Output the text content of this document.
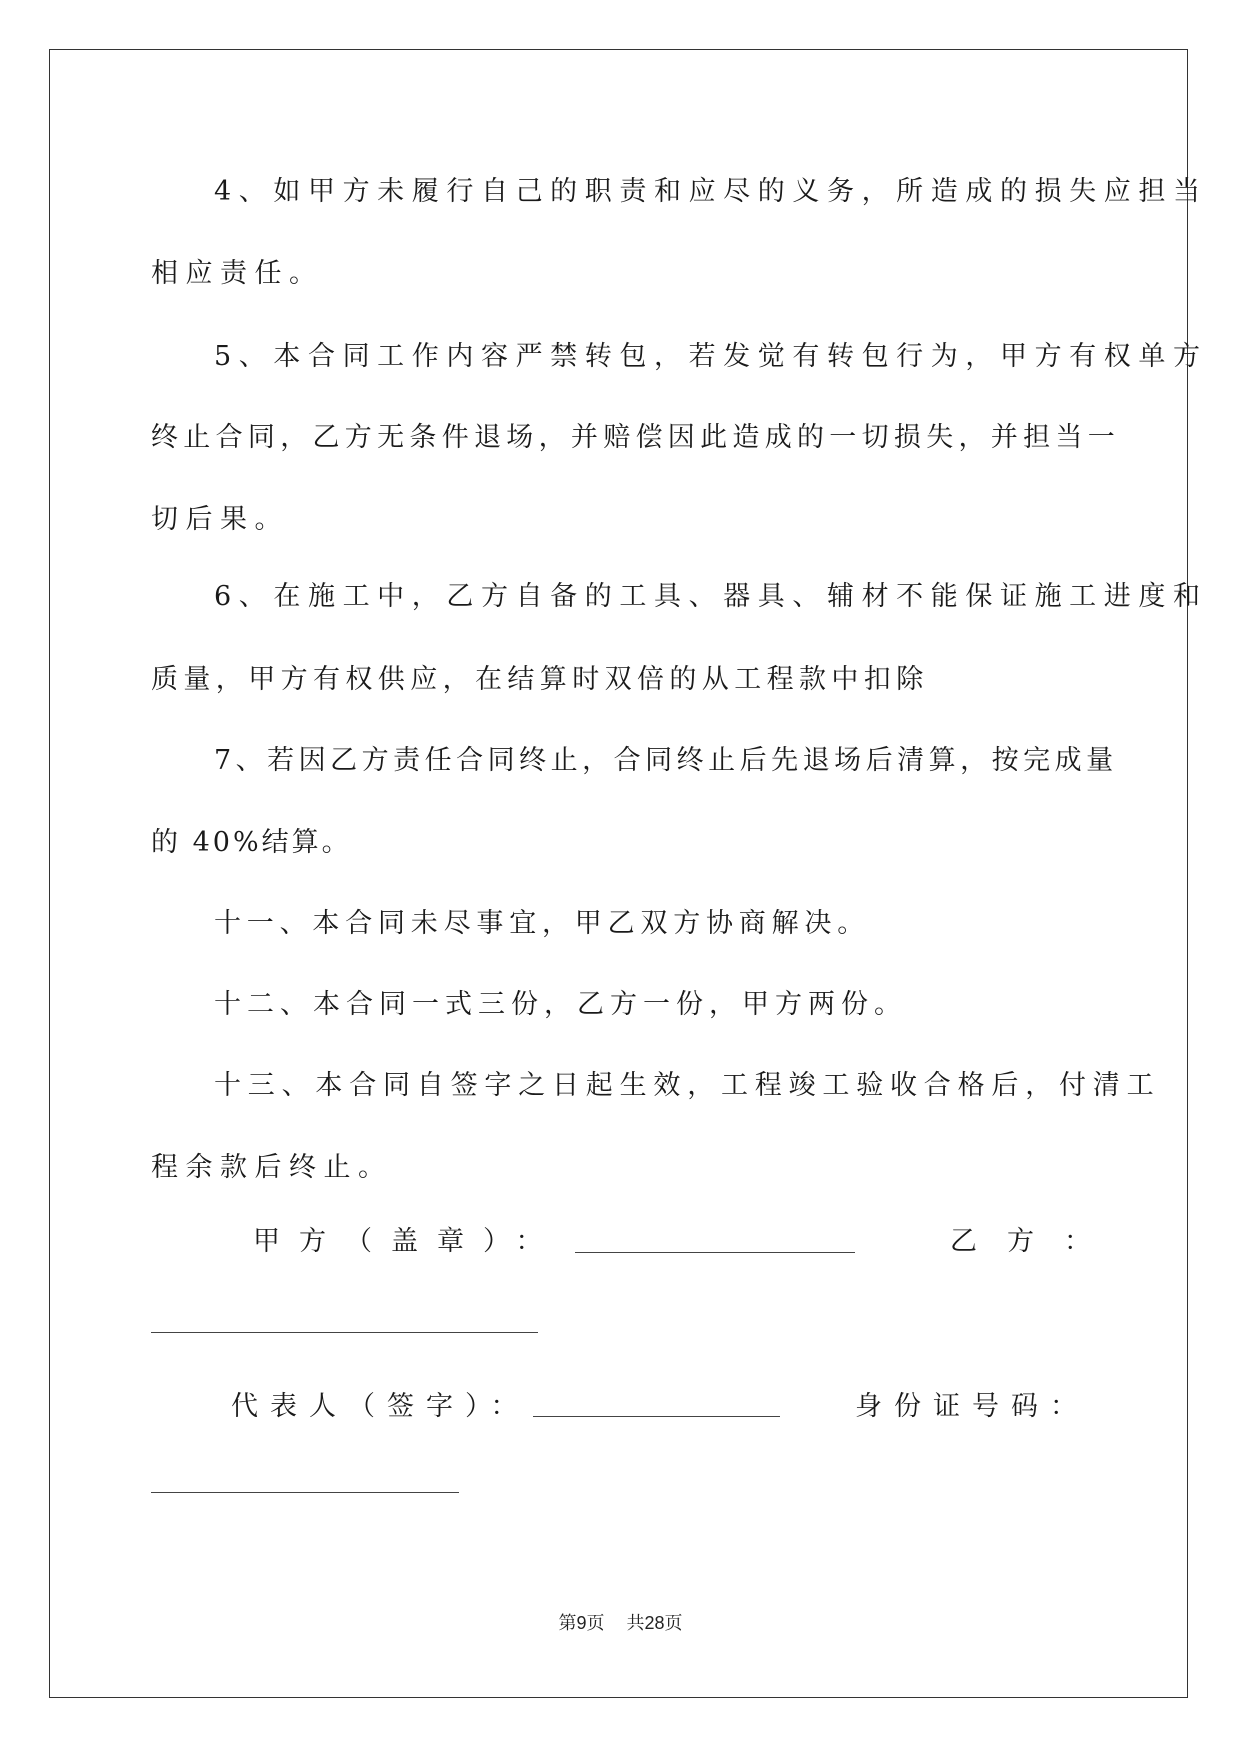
4、如甲方未履行自己的职责和应尽的义务，所造成的损失应担当
相应责任。
5、本合同工作内容严禁转包，若发觉有转包行为，甲方有权单方
终止合同，乙方无条件退场，并赔偿因此造成的一切损失，并担当一
切后果。
6、在施工中，乙方自备的工具、器具、辅材不能保证施工进度和
质量，甲方有权供应，在结算时双倍的从工程款中扣除
7、若因乙方责任合同终止，合同终止后先退场后清算，按完成量
的 40%结算。
十一、本合同未尽事宜，甲乙双方协商解决。
十二、本合同一式三份，乙方一份，甲方两份。
十三、本合同自签字之日起生效，工程竣工验收合格后，付清工
程余款后终止。
甲方（盖章）：	乙方：
代表人（签字）：	身份证号码：
第9页 共28页
